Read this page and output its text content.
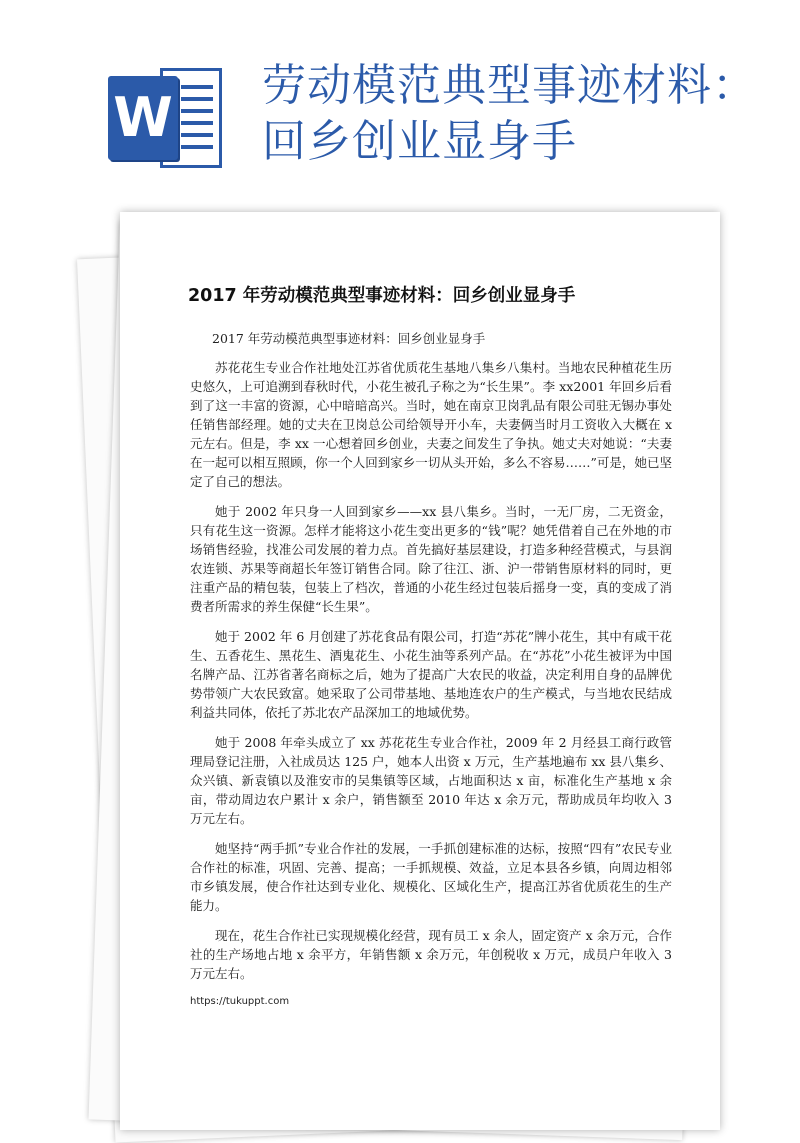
W
劳动模范典型事迹材料：回乡创业显身手
2017 年劳动模范典型事迹材料：回乡创业显身手
2017 年劳动模范典型事迹材料：回乡创业显身手

苏花花生专业合作社地处江苏省优质花生基地八集乡八集村。当地农民种植花生历史悠久，上可追溯到春秋时代，小花生被孔子称之为“长生果”。李 xx2001 年回乡后看到了这一丰富的资源，心中暗暗高兴。当时，她在南京卫岗乳品有限公司驻无锡办事处任销售部经理。她的丈夫在卫岗总公司给领导开小车，夫妻俩当时月工资收入大概在 x 元左右。但是，李 xx 一心想着回乡创业，夫妻之间发生了争执。她丈夫对她说：“夫妻在一起可以相互照顾，你一个人回到家乡一切从头开始，多么不容易……”可是，她已坚定了自己的想法。

她于 2002 年只身一人回到家乡——xx 县八集乡。当时，一无厂房，二无资金，只有花生这一资源。怎样才能将这小花生变出更多的“钱”呢？她凭借着自己在外地的市场销售经验，找准公司发展的着力点。首先搞好基层建设，打造多种经营模式，与县润农连锁、苏果等商超长年签订销售合同。除了往江、浙、沪一带销售原材料的同时，更注重产品的精包装，包装上了档次，普通的小花生经过包装后摇身一变，真的变成了消费者所需求的养生保健“长生果”。

她于 2002 年 6 月创建了苏花食品有限公司，打造“苏花”牌小花生，其中有咸干花生、五香花生、黑花生、酒鬼花生、小花生油等系列产品。在“苏花”小花生被评为中国名牌产品、江苏省著名商标之后，她为了提高广大农民的收益，决定利用自身的品牌优势带领广大农民致富。她采取了公司带基地、基地连农户的生产模式，与当地农民结成利益共同体，依托了苏北农产品深加工的地域优势。

她于 2008 年牵头成立了 xx 苏花花生专业合作社，2009 年 2 月经县工商行政管理局登记注册，入社成员达 125 户，她本人出资 x 万元，生产基地遍布 xx 县八集乡、众兴镇、新袁镇以及淮安市的吴集镇等区域，占地面积达 x 亩，标准化生产基地 x 余亩，带动周边农户累计 x 余户，销售额至 2010 年达 x 余万元，帮助成员年均收入 3 万元左右。

她坚持“两手抓”专业合作社的发展，一手抓创建标准的达标，按照“四有”农民专业合作社的标准，巩固、完善、提高；一手抓规模、效益，立足本县各乡镇，向周边相邻市乡镇发展，使合作社达到专业化、规模化、区域化生产，提高江苏省优质花生的生产能力。

现在，花生合作社已实现规模化经营，现有员工 x 余人，固定资产 x 余万元，合作社的生产场地占地 x 余平方，年销售额 x 余万元，年创税收 x 万元，成员户年收入 3 万元左右。

https://tukuppt.com
